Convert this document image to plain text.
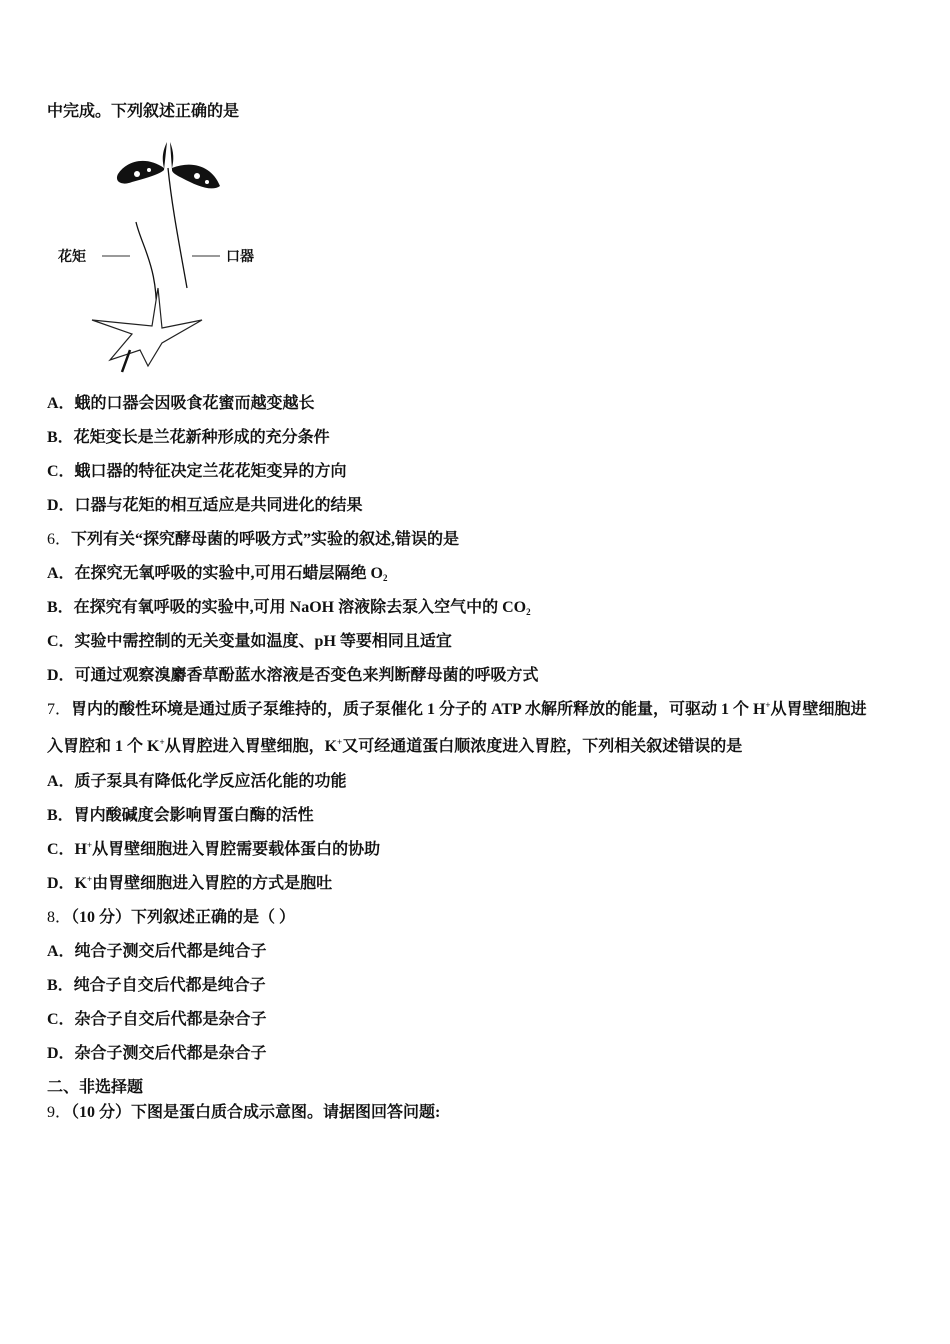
中完成。下列叙述正确的是
花矩	口器
A．蛾的口器会因吸食花蜜而越变越长
B．花矩变长是兰花新种形成的充分条件
C．蛾口器的特征决定兰花花矩变异的方向
D．口器与花矩的相互适应是共同进化的结果
6．下列有关“探究酵母菌的呼吸方式”实验的叙述,错误的是
A．在探究无氧呼吸的实验中,可用石蜡层隔绝 $O_2$
B．在探究有氧呼吸的实验中,可用 NaOH 溶液除去泵入空气中的 $CO_2$
C．实验中需控制的无关变量如温度、pH 等要相同且适宜
D．可通过观察溴麝香草酚蓝水溶液是否变色来判断酵母菌的呼吸方式
7．胃内的酸性环境是通过质子泵维持的，质子泵催化 1 分子的 ATP 水解所释放的能量，可驱动 1 个 H+从胃壁细胞进
入胃腔和 1 个 K+从胃腔进入胃壁细胞，K+又可经通道蛋白顺浓度进入胃腔，下列相关叙述错误的是
A．质子泵具有降低化学反应活化能的功能
B．胃内酸碱度会影响胃蛋白酶的活性
C．H+从胃壁细胞进入胃腔需要载体蛋白的协助
D．K+由胃壁细胞进入胃腔的方式是胞吐
8．（10 分）下列叙述正确的是（ ）
A．纯合子测交后代都是纯合子
B．纯合子自交后代都是纯合子
C．杂合子自交后代都是杂合子
D．杂合子测交后代都是杂合子
二、非选择题
9．（10 分）下图是蛋白质合成示意图。请据图回答问题:
